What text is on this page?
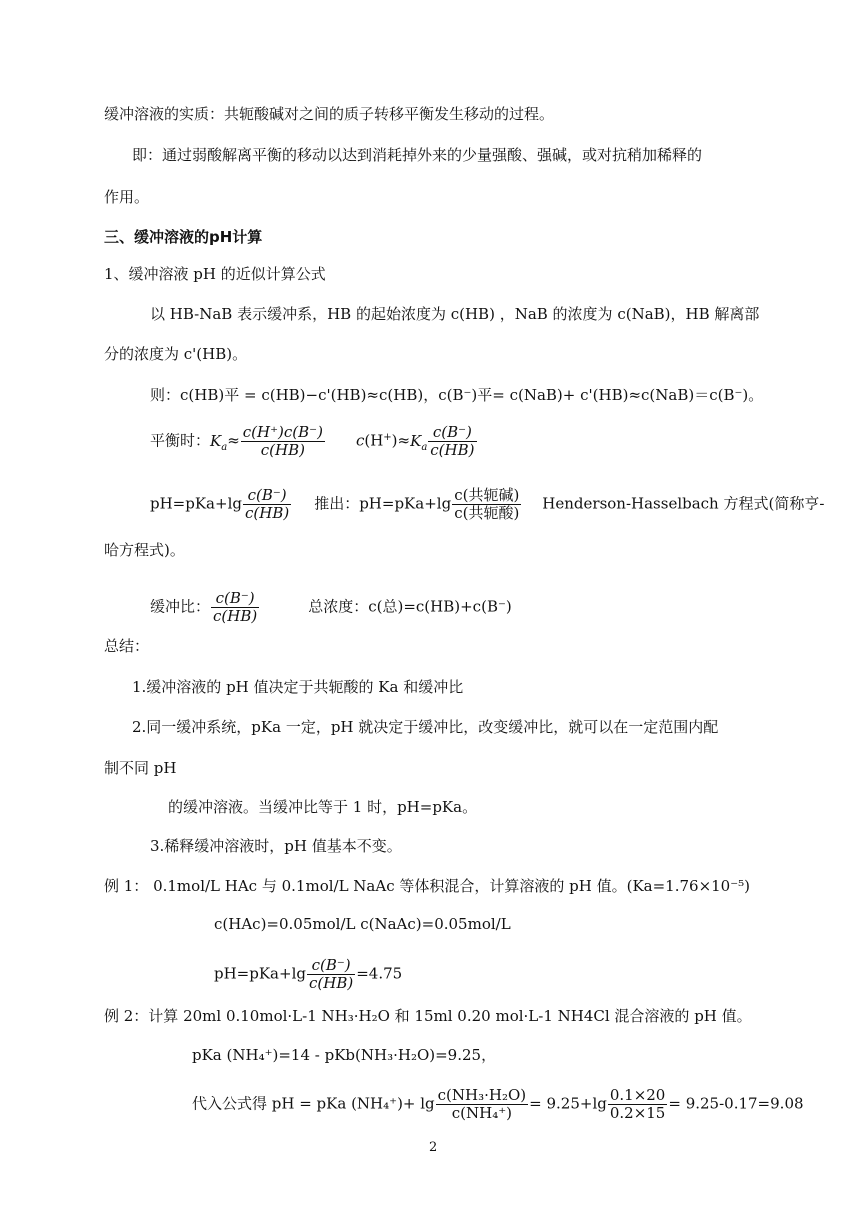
缓冲溶液的实质：共轭酸碱对之间的质子转移平衡发生移动的过程。
即：通过弱酸解离平衡的移动以达到消耗掉外来的少量强酸、强碱，或对抗稍加稀释的
作用。
三、缓冲溶液的pH计算
1、缓冲溶液 pH 的近似计算公式
以 HB-NaB 表示缓冲系，HB 的起始浓度为 c(HB) ，NaB 的浓度为 c(NaB)，HB 解离部
分的浓度为 c'(HB)。
则：c(HB)平 = c(HB)−c'(HB)≈c(HB)，c(B⁻)平= c(NaB)+ c'(HB)≈c(NaB)＝c(B⁻)。
平衡时：$K_a\approx \frac{c(H^+)c(B^-)}{c(HB)} c(H^+)\approx K_a \frac{c(B^-)}{c(HB)}$
$pH=pKa+\lg \frac{c(B^-)}{c(HB)}$ 推出：$pH=pKa+\lg \frac{\text{c(共轭碱)}}{\text{c(共轭酸)}}$ Henderson-Hasselbach 方程式(简称亨-
哈方程式)。
缓冲比： $\frac{c(B^-)}{c(HB)}$	总浓度：c(总)=c(HB)+c(B⁻)
总结：
1.缓冲溶液的 pH 值决定于共轭酸的 Ka 和缓冲比
2.同一缓冲系统，pKa 一定，pH 就决定于缓冲比，改变缓冲比，就可以在一定范围内配
制不同 pH
的缓冲溶液。当缓冲比等于 1 时，pH=pKa。
3.稀释缓冲溶液时，pH 值基本不变。
例 1： 0.1mol/L HAc 与 0.1mol/L NaAc 等体积混合，计算溶液的 pH 值。(Ka=1.76×10⁻⁵)
c(HAc)=0.05mol/L c(NaAc)=0.05mol/L
$pH=pKa+\lg \frac{c(B^-)}{c(HB)} =4.75$
例 2：计算 20ml 0.10mol·L-1 NH₃·H₂O 和 15ml 0.20 mol·L-1 NH4Cl 混合溶液的 pH 值。
pKa (NH₄⁺)=14 - pKb(NH₃·H₂O)=9.25，
代入公式得 pH = pKa $(NH_4^+)+ \lg \frac{\text{c(NH₃·H₂O)}}{\text{c(NH₄⁺)}} = 9.25+\lg \frac{0.1\times 20}{0.2\times 15} = 9.25-0.17=9.08$
2
